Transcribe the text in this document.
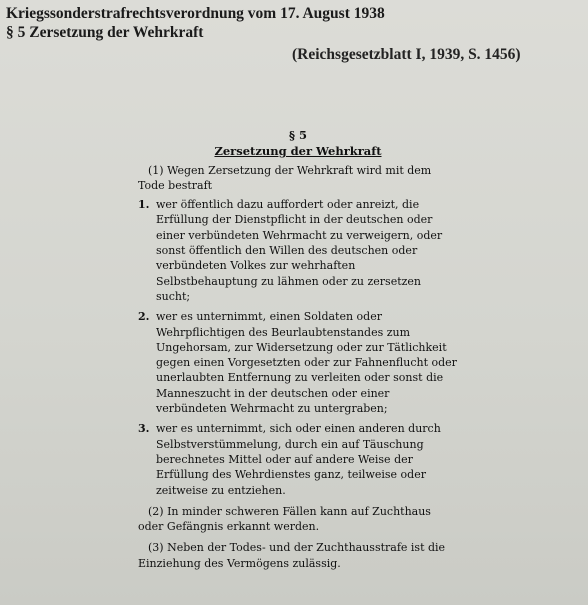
Kriegssonderstrafrechtsverordnung vom 17. August 1938
§ 5 Zersetzung der Wehrkraft
(Reichsgesetzblatt I, 1939, S. 1456)
§ 5
Zersetzung der Wehrkraft

(1) Wegen Zersetzung der Wehrkraft wird mit dem Tode bestraft

1. wer öffentlich dazu auffordert oder anreizt, die Erfüllung der Dienstpflicht in der deutschen oder einer verbündeten Wehrmacht zu verweigern, oder sonst öffentlich den Willen des deutschen oder verbündeten Volkes zur wehrhaften Selbstbehauptung zu lähmen oder zu zersetzen sucht;
2. wer es unternimmt, einen Soldaten oder Wehrpflichtigen des Beurlaubtenstandes zum Ungehorsam, zur Widersetzung oder zur Tätlichkeit gegen einen Vorgesetzten oder zur Fahnenflucht oder unerlaubten Entfernung zu verleiten oder sonst die Manneszucht in der deutschen oder einer verbündeten Wehrmacht zu untergraben;
3. wer es unternimmt, sich oder einen anderen durch Selbstverstümmelung, durch ein auf Täuschung berechnetes Mittel oder auf andere Weise der Erfüllung des Wehrdienstes ganz, teilweise oder zeitweise zu entziehen.

(2) In minder schweren Fällen kann auf Zuchthaus oder Gefängnis erkannt werden.

(3) Neben der Todes- und der Zuchthausstrafe ist die Einziehung des Vermögens zulässig.
